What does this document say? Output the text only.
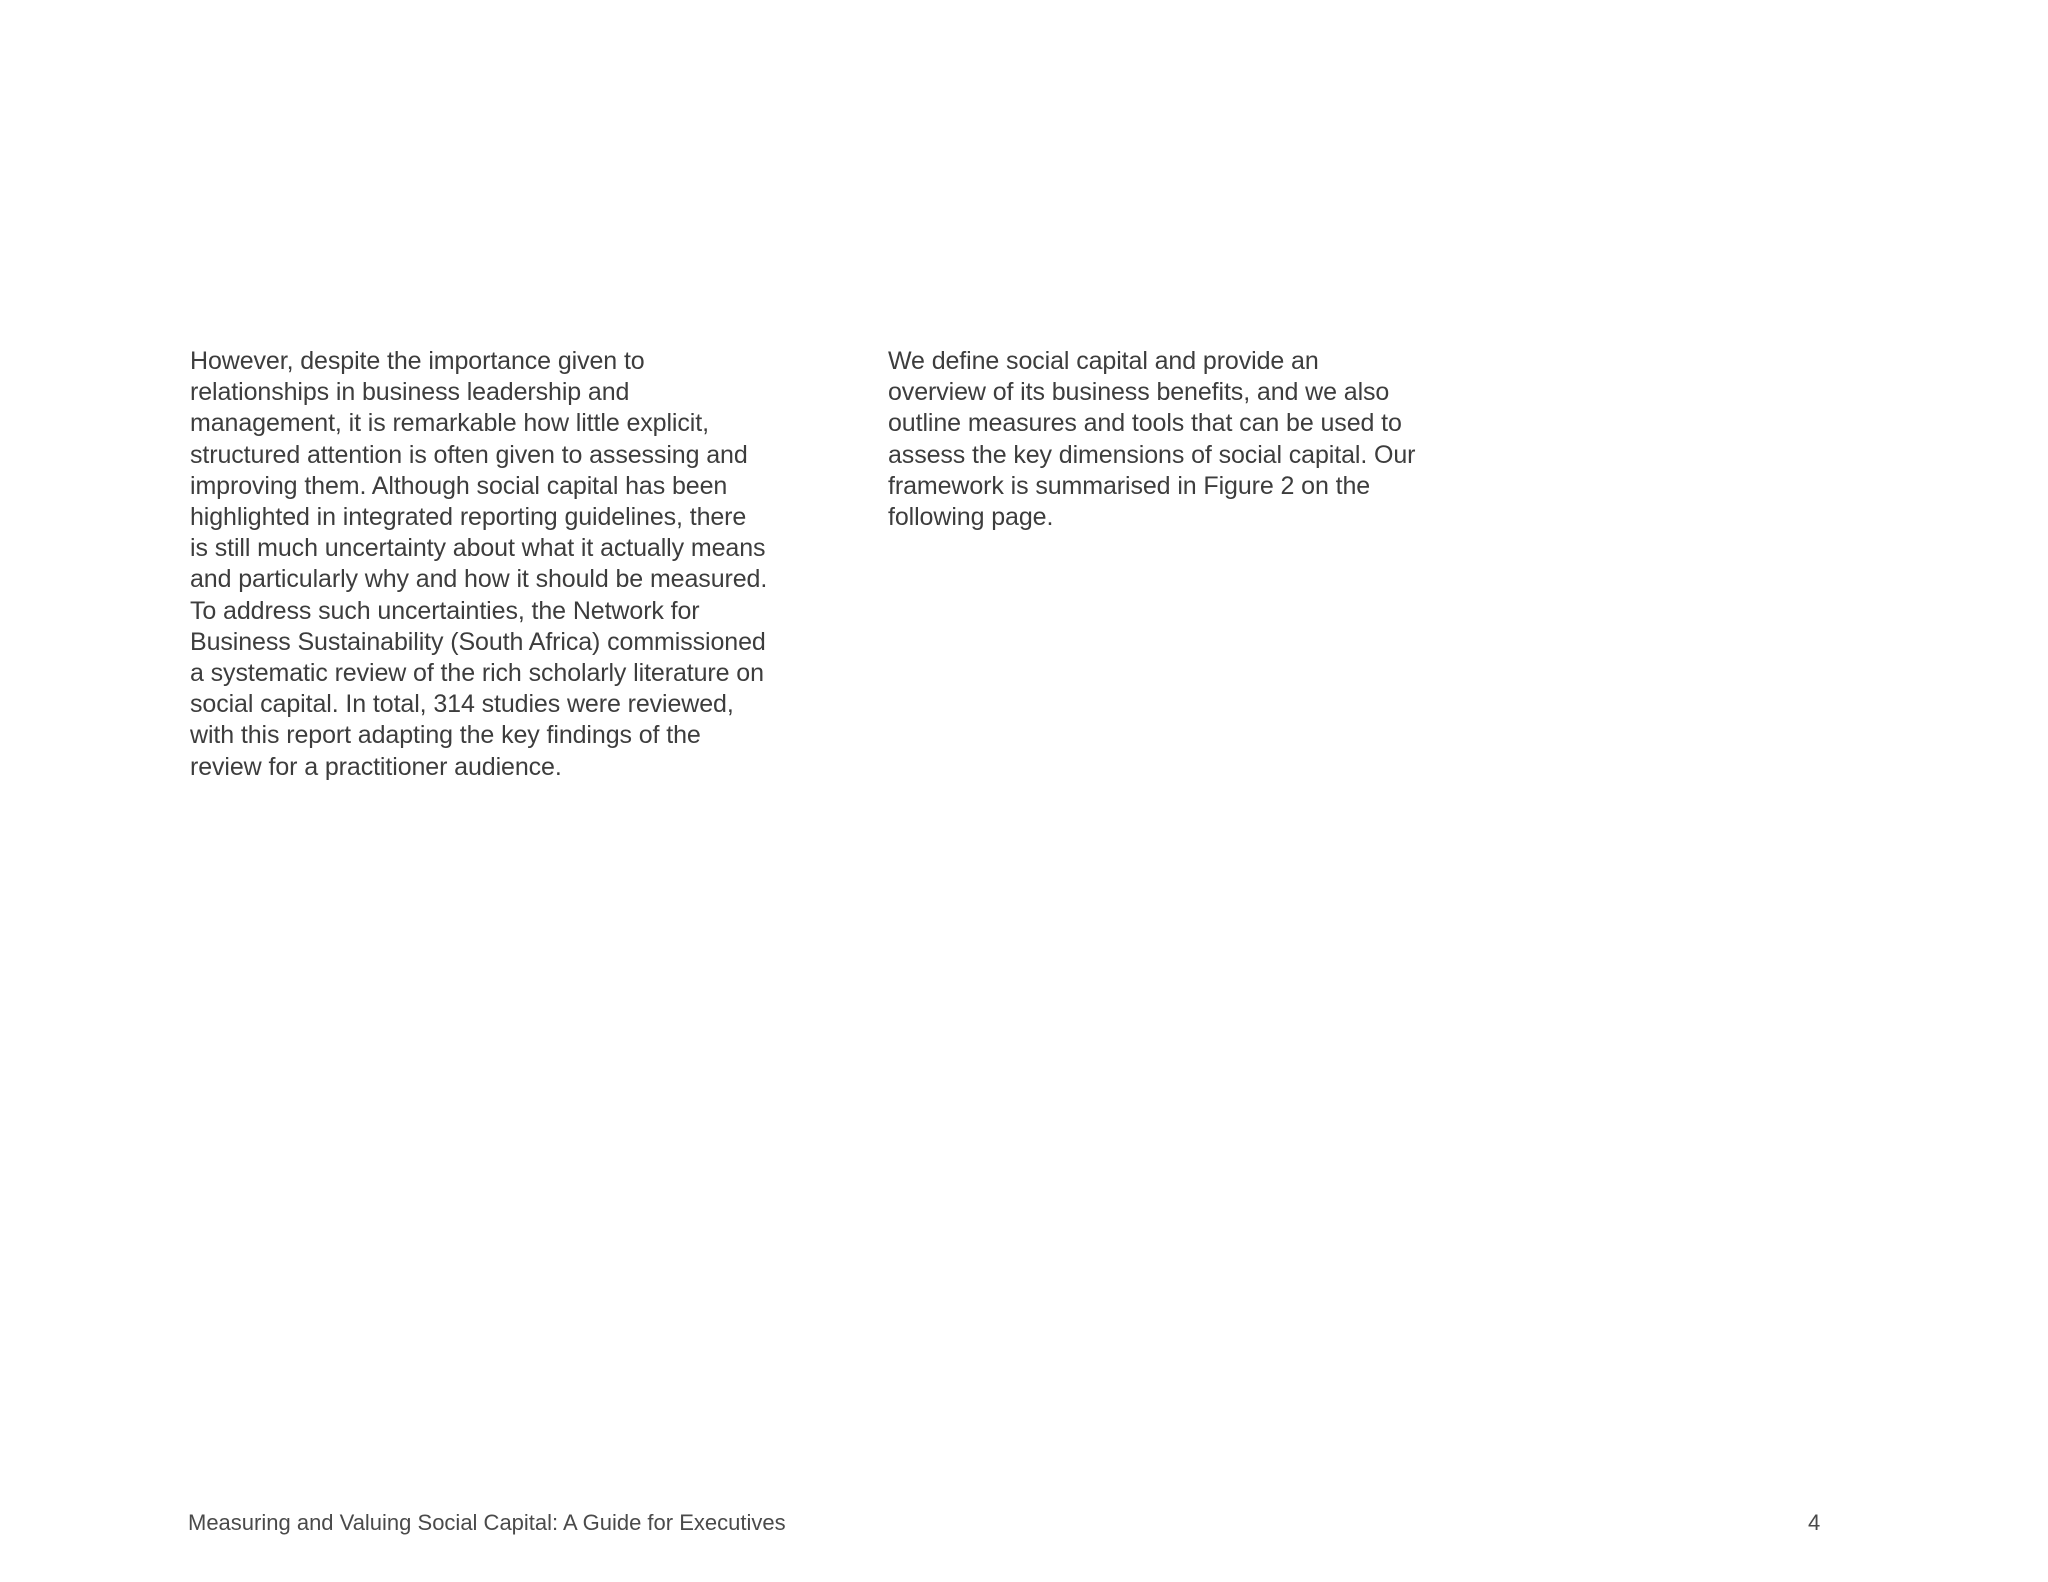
However, despite the importance given to
relationships in business leadership and
management, it is remarkable how little explicit,
structured attention is often given to assessing and
improving them. Although social capital has been
highlighted in integrated reporting guidelines, there
is still much uncertainty about what it actually means
and particularly why and how it should be measured.
To address such uncertainties, the Network for
Business Sustainability (South Africa) commissioned
a systematic review of the rich scholarly literature on
social capital. In total, 314 studies were reviewed,
with this report adapting the key findings of the
review for a practitioner audience.

We define social capital and provide an
overview of its business benefits, and we also
outline measures and tools that can be used to
assess the key dimensions of social capital. Our
framework is summarised in Figure 2 on the
following page.

Measuring and Valuing Social Capital: A Guide for Executives	4
